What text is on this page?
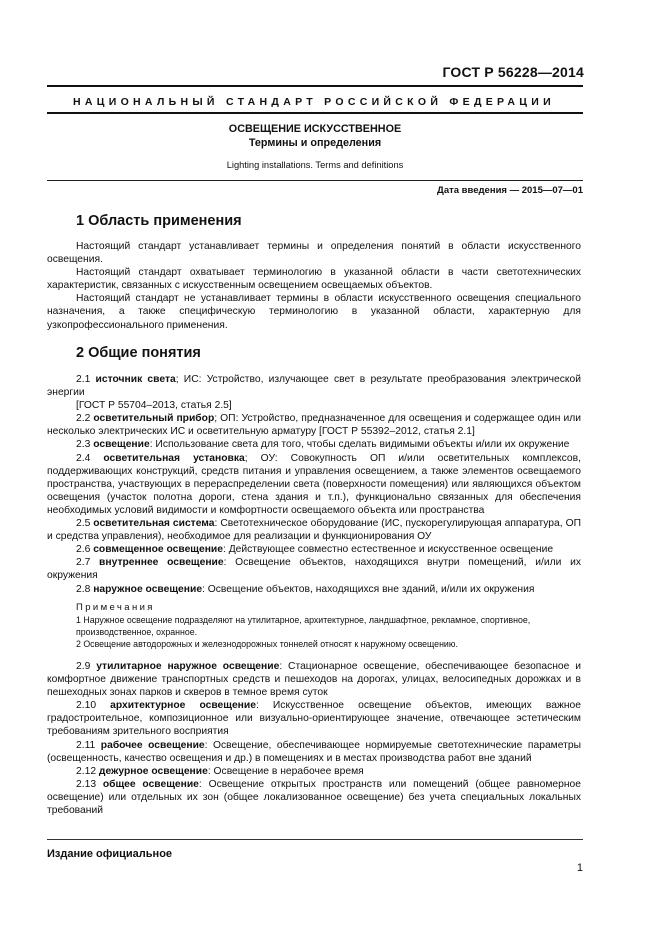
ГОСТ Р 56228—2014
НАЦИОНАЛЬНЫЙ СТАНДАРТ РОССИЙСКОЙ ФЕДЕРАЦИИ
ОСВЕЩЕНИЕ ИСКУССТВЕННОЕ
Термины и определения
Lighting installations. Terms and definitions
Дата введения — 2015—07—01
1 Область применения

Настоящий стандарт устанавливает термины и определения понятий в области искусственного освещения.

Настоящий стандарт охватывает терминологию в указанной области в части светотехнических характеристик, связанных с искусственным освещением освещаемых объектов.

Настоящий стандарт не устанавливает термины в области искусственного освещения специального назначения, а также специфическую терминологию в указанной области, характерную для узкопрофессионального применения.

2 Общие понятия

2.1 источник света; ИС: Устройство, излучающее свет в результате преобразования электрической энергии

[ГОСТ Р 55704–2013, статья 2.5]

2.2 осветительный прибор; ОП: Устройство, предназначенное для освещения и содержащее один или несколько электрических ИС и осветительную арматуру [ГОСТ Р 55392–2012, статья 2.1]

2.3 освещение: Использование света для того, чтобы сделать видимыми объекты и/или их окружение

2.4 осветительная установка; ОУ: Совокупность ОП и/или осветительных комплексов, поддерживающих конструкций, средств питания и управления освещением, а также элементов освещаемого пространства, участвующих в перераспределении света (поверхности помещения) или являющихся объектом освещения (участок полотна дороги, стена здания и т.п.), функционально связанных для обеспечения необходимых условий видимости и комфортности освещаемого объекта или пространства

2.5 осветительная система: Светотехническое оборудование (ИС, пускорегулирующая аппаратура, ОП и средства управления), необходимое для реализации и функционирования ОУ

2.6 совмещенное освещение: Действующее совместно естественное и искусственное освещение

2.7 внутреннее освещение: Освещение объектов, находящихся внутри помещений, и/или их окружения

2.8 наружное освещение: Освещение объектов, находящихся вне зданий, и/или их окружения

Примечания

1 Наружное освещение подразделяют на утилитарное, архитектурное, ландшафтное, рекламное, спортивное, производственное, охранное.

2 Освещение автодорожных и железнодорожных тоннелей относят к наружному освещению.

2.9 утилитарное наружное освещение: Стационарное освещение, обеспечивающее безопасное и комфортное движение транспортных средств и пешеходов на дорогах, улицах, велосипедных дорожках и в пешеходных зонах парков и скверов в темное время суток

2.10 архитектурное освещение: Искусственное освещение объектов, имеющих важное градостроительное, композиционное или визуально-ориентирующее значение, отвечающее эстетическим требованиям зрительного восприятия

2.11 рабочее освещение: Освещение, обеспечивающее нормируемые светотехнические параметры (освещенность, качество освещения и др.) в помещениях и в местах производства работ вне зданий

2.12 дежурное освещение: Освещение в нерабочее время

2.13 общее освещение: Освещение открытых пространств или помещений (общее равномерное освещение) или отдельных их зон (общее локализованное освещение) без учета специальных локальных требований

Издание официальное
1
